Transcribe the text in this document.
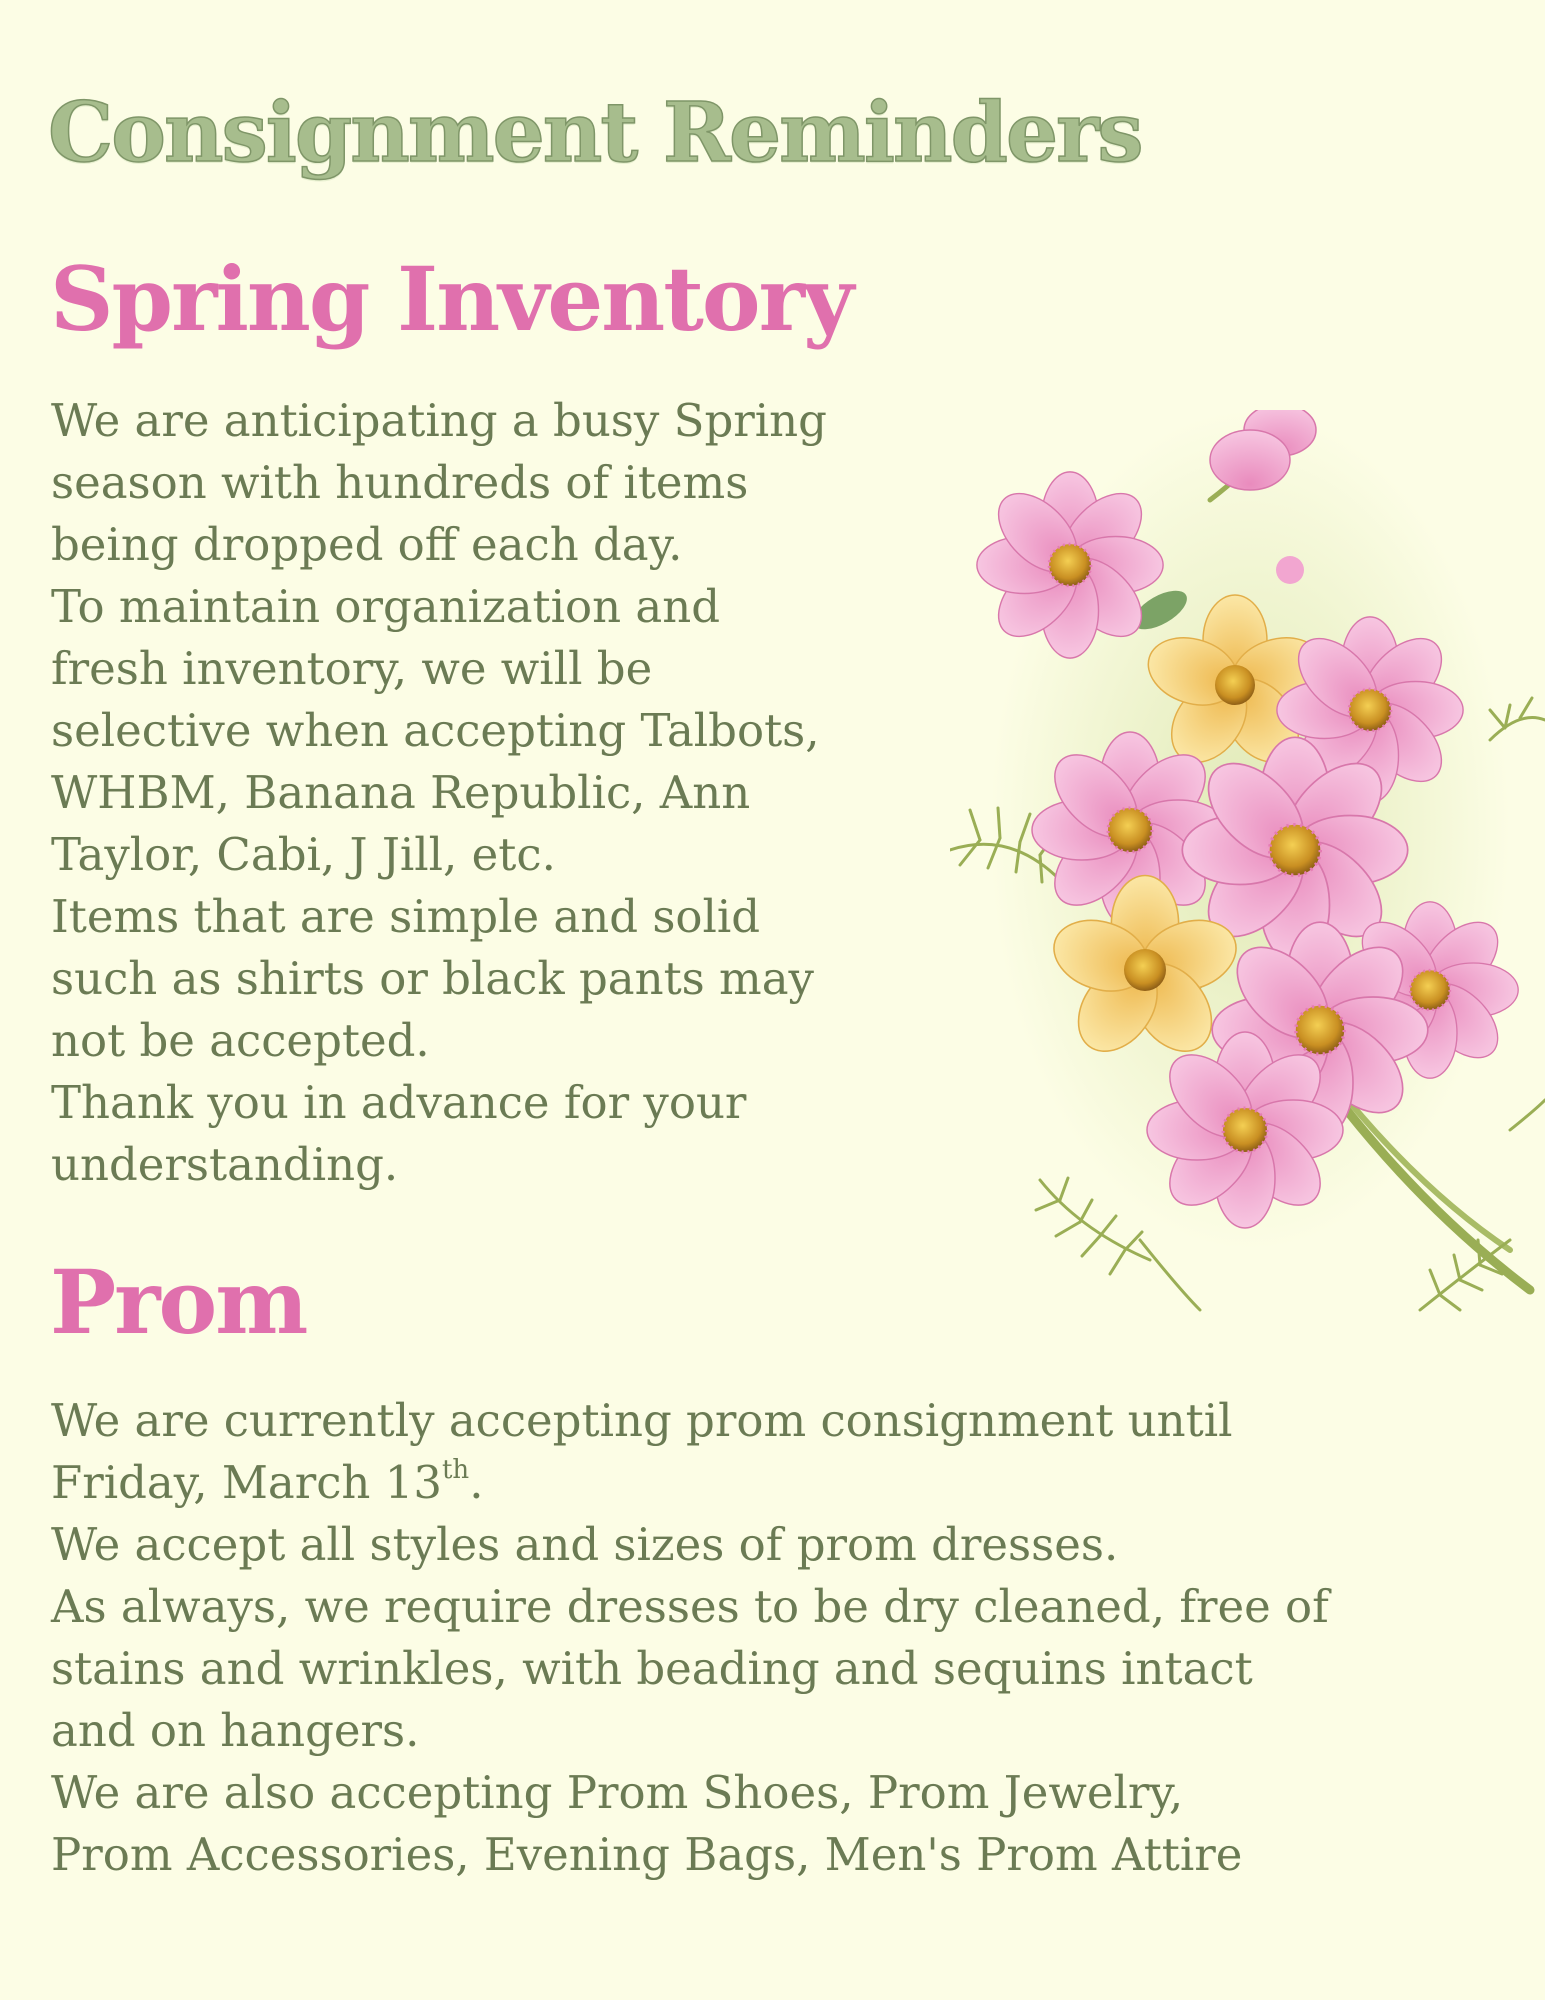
Consignment Reminders
Spring Inventory
We are anticipating a busy Spring
season with hundreds of items
being dropped off each day.
To maintain organization and
fresh inventory, we will be
selective when accepting Talbots,
WHBM, Banana Republic, Ann
Taylor, Cabi, J Jill, etc.
Items that are simple and solid
such as shirts or black pants may
not be accepted.
Thank you in advance for your
understanding.
Prom
We are currently accepting prom consignment until
Friday, March 13th.
We accept all styles and sizes of prom dresses.
As always, we require dresses to be dry cleaned, free of
stains and wrinkles, with beading and sequins intact
and on hangers.
We are also accepting Prom Shoes, Prom Jewelry,
Prom Accessories, Evening Bags, Men's Prom Attire
